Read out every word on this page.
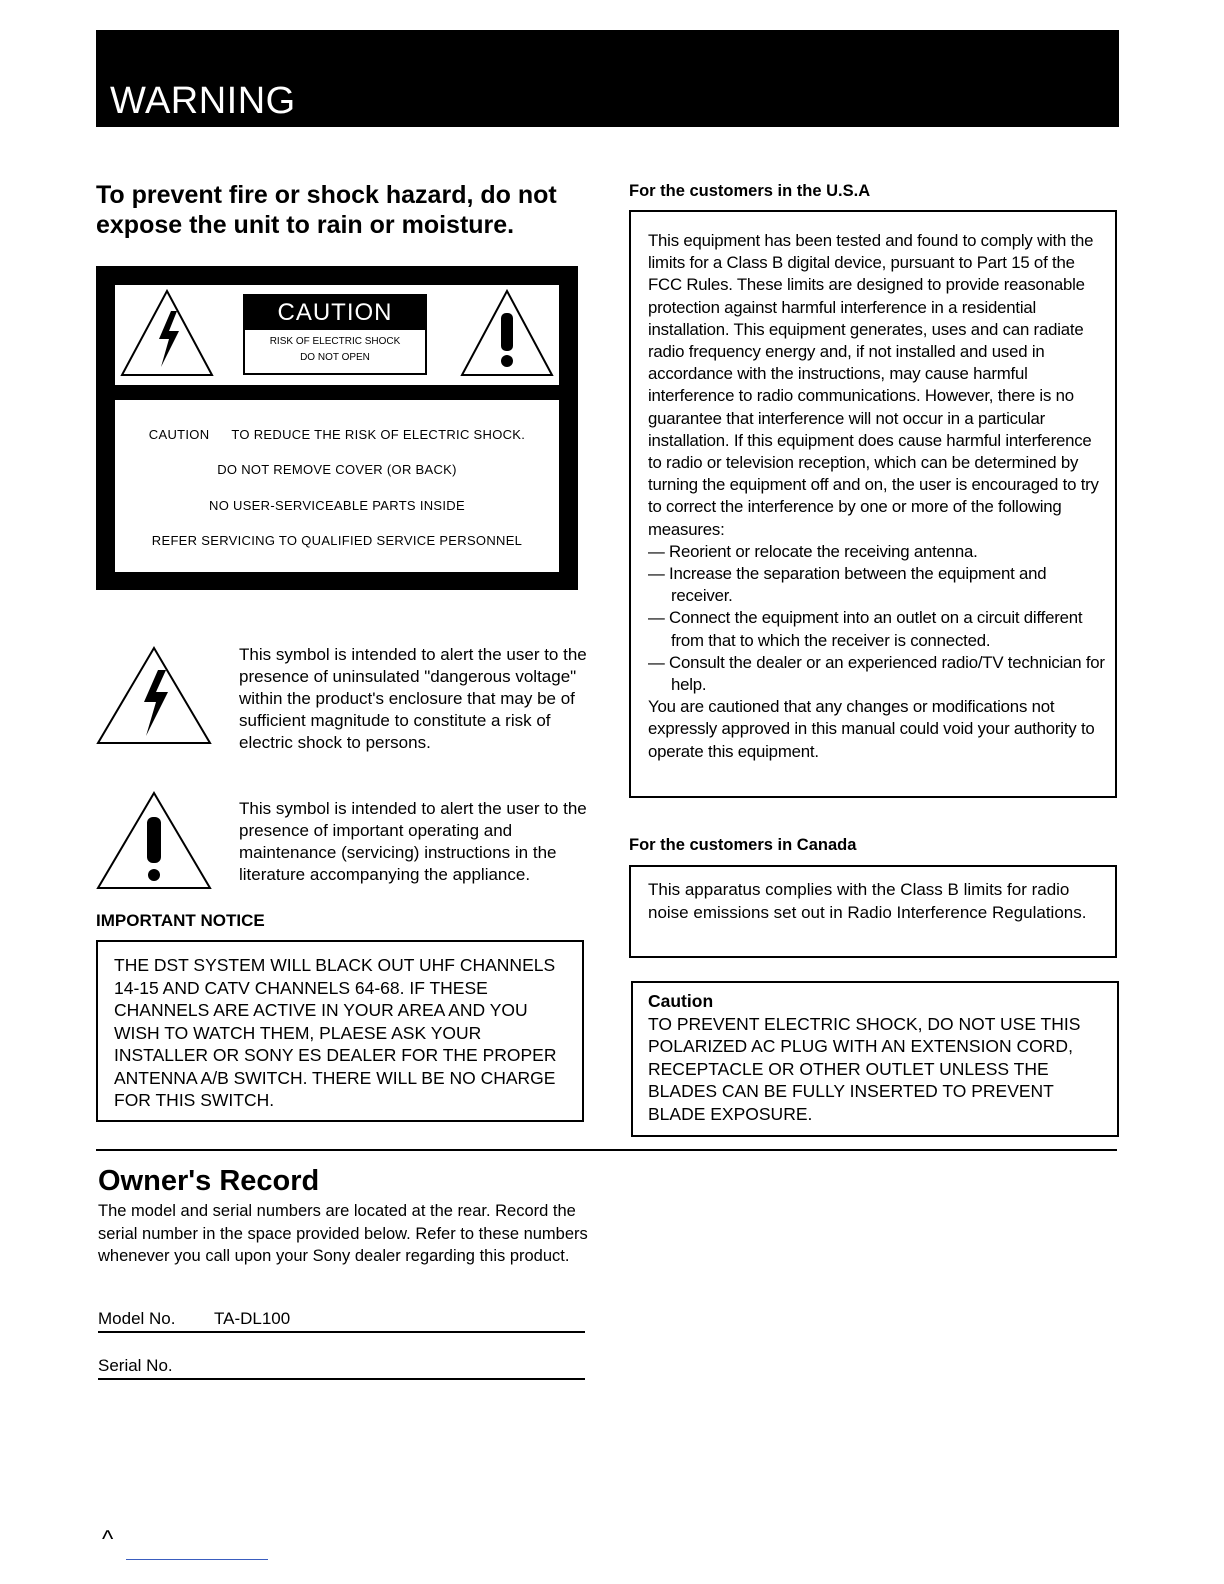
WARNING
To prevent fire or shock hazard, do not expose the unit to rain or moisture.
CAUTION
RISK OF ELECTRIC SHOCK
DO NOT OPEN
CAUTION TO REDUCE THE RISK OF ELECTRIC SHOCK.
DO NOT REMOVE COVER (OR BACK)
NO USER-SERVICEABLE PARTS INSIDE
REFER SERVICING TO QUALIFIED SERVICE PERSONNEL
This symbol is intended to alert the user to the presence of uninsulated "dangerous voltage" within the product's enclosure that may be of sufficient magnitude to constitute a risk of electric shock to persons.
This symbol is intended to alert the user to the presence of important operating and maintenance (servicing) instructions in the literature accompanying the appliance.
IMPORTANT NOTICE
THE DST SYSTEM WILL BLACK OUT UHF CHANNELS 14-15 AND CATV CHANNELS 64-68. IF THESE CHANNELS ARE ACTIVE IN YOUR AREA AND YOU WISH TO WATCH THEM, PLAESE ASK YOUR INSTALLER OR SONY ES DEALER FOR THE PROPER ANTENNA A/B SWITCH. THERE WILL BE NO CHARGE FOR THIS SWITCH.
For the customers in the U.S.A
This equipment has been tested and found to comply with the limits for a Class B digital device, pursuant to Part 15 of the FCC Rules. These limits are designed to provide reasonable protection against harmful interference in a residential installation. This equipment generates, uses and can radiate radio frequency energy and, if not installed and used in accordance with the instructions, may cause harmful interference to radio communications. However, there is no guarantee that interference will not occur in a particular installation. If this equipment does cause harmful interference to radio or television reception, which can be determined by turning the equipment off and on, the user is encouraged to try to correct the interference by one or more of the following measures:
— Reorient or relocate the receiving antenna.
— Increase the separation between the equipment and receiver.
— Connect the equipment into an outlet on a circuit different from that to which the receiver is connected.
— Consult the dealer or an experienced radio/TV technician for help.
You are cautioned that any changes or modifications not expressly approved in this manual could void your authority to operate this equipment.
For the customers in Canada
This apparatus complies with the Class B limits for radio noise emissions set out in Radio Interference Regulations.
Caution
TO PREVENT ELECTRIC SHOCK, DO NOT USE THIS POLARIZED AC PLUG WITH AN EXTENSION CORD, RECEPTACLE OR OTHER OUTLET UNLESS THE BLADES CAN BE FULLY INSERTED TO PREVENT BLADE EXPOSURE.
Owner's Record
The model and serial numbers are located at the rear. Record the serial number in the space provided below. Refer to these numbers whenever you call upon your Sony dealer regarding this product.
Model No. TA-DL100
Serial No.
^
